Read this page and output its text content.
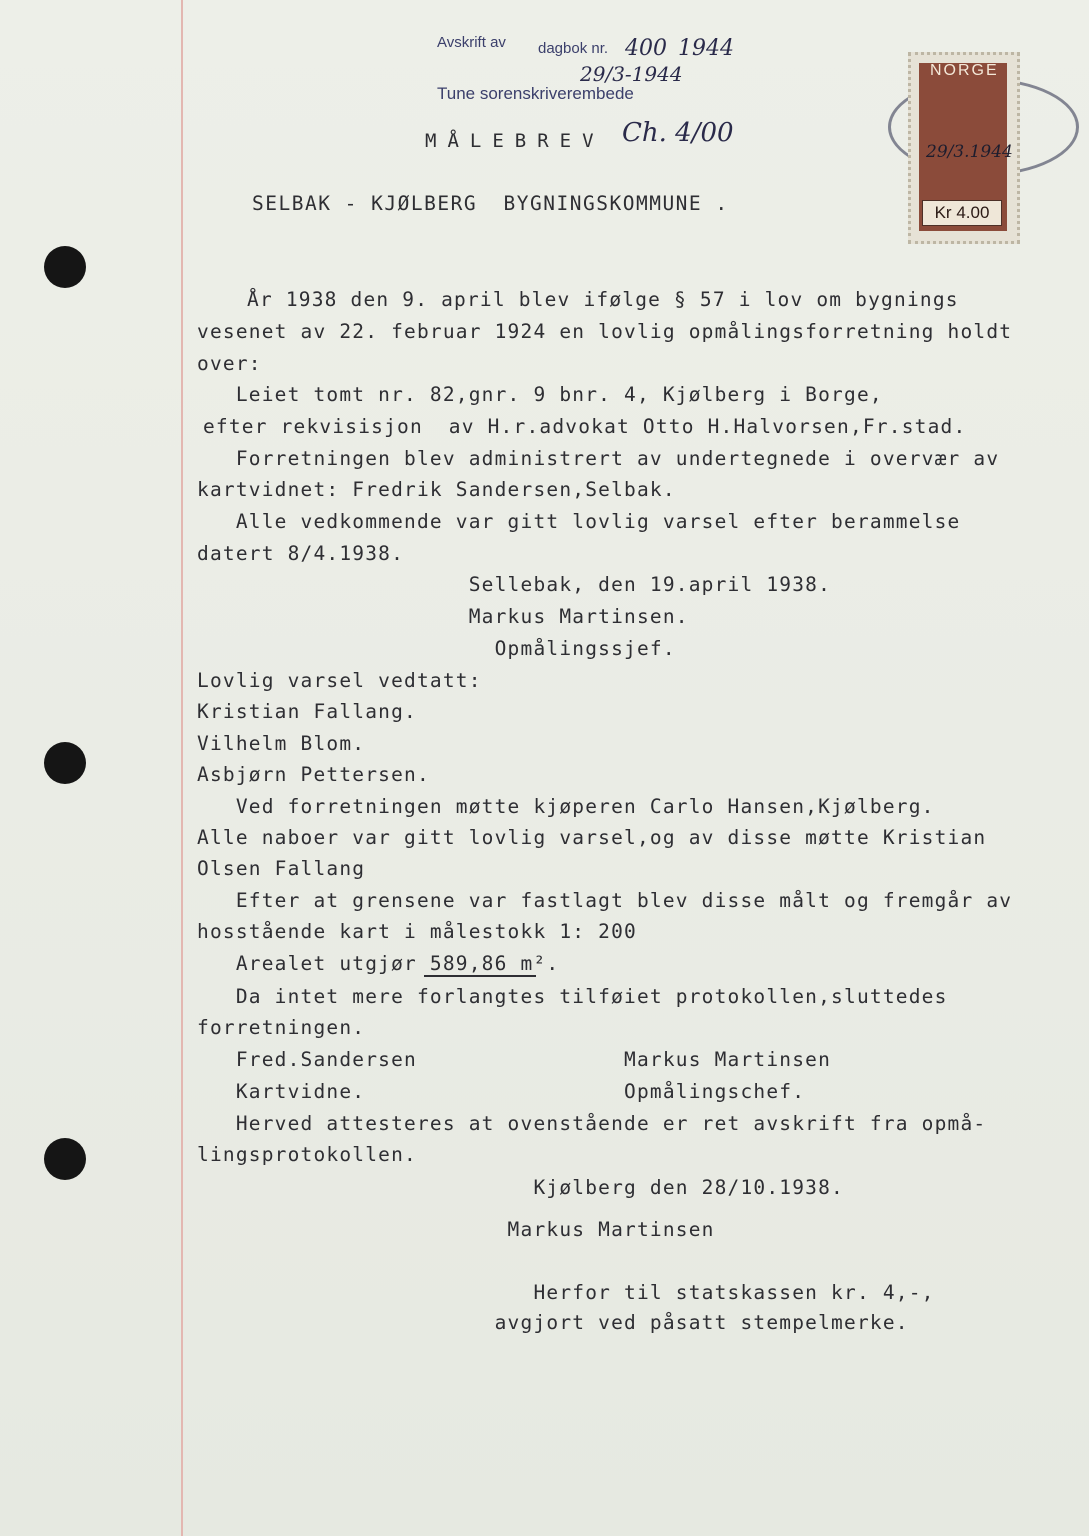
Avskrift av dagbok nr. 400 1944
29/3-1944
Tune sorenskriverembede
NORGE
29/3.1944
Kr 4.00
MÅLEBREV Ch. 4/00
SELBAK - KJØLBERG  BYGNINGSKOMMUNE .
År 1938 den 9. april blev ifølge § 57 i lov om bygnings
vesenet av 22. februar 1924 en lovlig opmålingsforretning holdt
over:
Leiet tomt nr. 82,gnr. 9 bnr. 4, Kjølberg i Borge,
efter rekvisisjon  av H.r.advokat Otto H.Halvorsen,Fr.stad.
Forretningen blev administrert av undertegnede i overvær av
kartvidnet: Fredrik Sandersen,Selbak.
Alle vedkommende var gitt lovlig varsel efter berammelse
datert 8/4.1938.
Sellebak, den 19.april 1938.
Markus Martinsen.
Opmålingssjef.
Lovlig varsel vedtatt:
Kristian Fallang.
Vilhelm Blom.
Asbjørn Pettersen.
Ved forretningen møtte kjøperen Carlo Hansen,Kjølberg.
Alle naboer var gitt lovlig varsel,og av disse møtte Kristian
Olsen Fallang
Efter at grensene var fastlagt blev disse målt og fremgår av
hosstående kart i målestokk 1: 200
Arealet utgjør 589,86 m².
Da intet mere forlangtes tilføiet protokollen,sluttedes
forretningen.
Fred.Sandersen                Markus Martinsen
Kartvidne.                    Opmålingschef.
Herved attesteres at ovenstående er ret avskrift fra opmå-
lingsprotokollen.
Kjølberg den 28/10.1938.
Markus Martinsen
Herfor til statskassen kr. 4,-,
avgjort ved påsatt stempelmerke.
